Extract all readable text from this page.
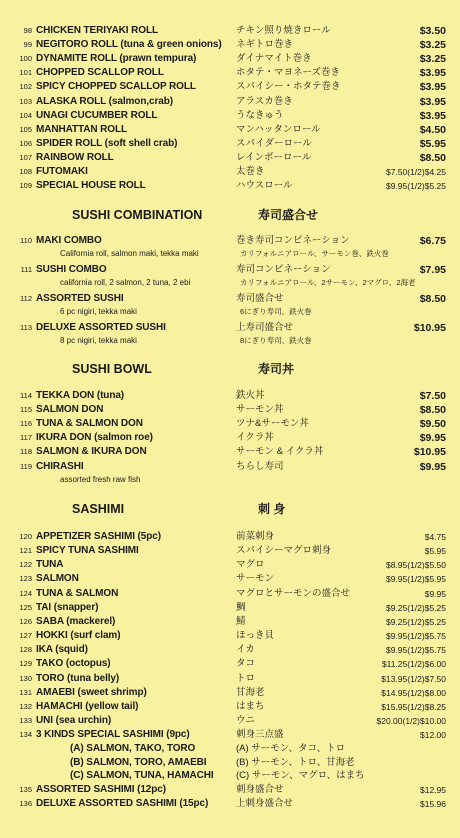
98 CHICKEN TERIYAKI ROLL	チキン照り焼きロール	$3.50
99 NEGITORO ROLL (tuna & green onions) ネギトロ巻き	$3.25
100 DYNAMITE ROLL (prawn tempura)	ダイナマイト巻き	$3.25
101 CHOPPED SCALLOP ROLL	ホタテ・マヨネーズ巻き	$3.95
102 SPICY CHOPPED SCALLOP ROLL	スパイシー・ホタテ巻き	$3.95
103 ALASKA ROLL (salmon,crab)	アラスカ巻き	$3.95
104 UNAGI CUCUMBER ROLL	うなきゅう	$3.95
105 MANHATTAN ROLL	マンハッタンロール	$4.50
106 SPIDER ROLL (soft shell crab)	スパイダーロール	$5.95
107 RAINBOW ROLL	レインボーロール	$8.50
108 FUTOMAKI	太巻き	$7.50(1/2)$4.25
109 SPECIAL HOUSE ROLL	ハウスロール	$9.95(1/2)$5.25
SUSHI COMBINATION	寿司盛合せ
110 MAKI COMBO	巻き寿司コンビネーション	$6.75
California roll, salmon maki, tekka maki	カリフォルニアロール、サーモン巻、鉄火巻
111 SUSHI COMBO	寿司コンビネーション	$7.95
california roll, 2 salmon, 2 tuna, 2 ebi	カリフォルニアロール、2サーモン、2マグロ、2海老
112 ASSORTED SUSHI	寿司盛合せ	$8.50
6 pc nigiri, tekka maki	6にぎり寿司、鉄火巻
113 DELUXE ASSORTED SUSHI	上寿司盛合せ	$10.95
8 pc nigiri, tekka maki	8にぎり寿司、鉄火巻
SUSHI BOWL	寿司丼
114 TEKKA DON (tuna)	鉄火丼	$7.50
115 SALMON DON	サーモン丼	$8.50
116 TUNA & SALMON DON	ツナ&サーモン丼	$9.50
117 IKURA DON (salmon roe)	イクラ丼	$9.95
118 SALMON & IKURA DON	サーモン & イクラ丼	$10.95
119 CHIRASHI	ちらし寿司	$9.95
assorted fresh raw fish
SASHIMI	刺 身
120 APPETIZER SASHIMI (5pc)	前菜刺身	$4.75
121 SPICY TUNA SASHIMI	スパイシーマグロ刺身	$5.95
122 TUNA	マグロ	$8.95(1/2)$5.50
123 SALMON	サーモン	$9.95(1/2)$5.95
124 TUNA & SALMON	マグロとサーモンの盛合せ	$9.95
125 TAI (snapper)	鯛	$9.25(1/2)$5.25
126 SABA (mackerel)	鯖	$9.25(1/2)$5.25
127 HOKKI (surf clam)	ほっき貝	$9.95(1/2)$5.75
128 IKA (squid)	イカ	$9.95(1/2)$5.75
129 TAKO (octopus)	タコ	$11.25(1/2)$6.00
130 TORO (tuna belly)	トロ	$13.95(1/2)$7.50
131 AMAEBI (sweet shrimp)	甘海老	$14.95(1/2)$8.00
132 HAMACHI (yellow tail)	はまち	$15.95(1/2)$8.25
133 UNI (sea urchin)	ウニ	$20.00(1/2)$10.00
134 3 KINDS SPECIAL SASHIMI (9pc)	刺身三点盛	$12.00
(A) SALMON, TAKO, TORO	(A) サーモン、タコ、トロ
(B) SALMON, TORO, AMAEBI	(B) サーモン、トロ、甘海老
(C) SALMON, TUNA, HAMACHI (C) サーモン、マグロ、はまち
135 ASSORTED SASHIMI (12pc)	刺身盛合せ	$12.95
136 DELUXE ASSORTED SASHIMI (15pc)	上刺身盛合せ	$15.96
